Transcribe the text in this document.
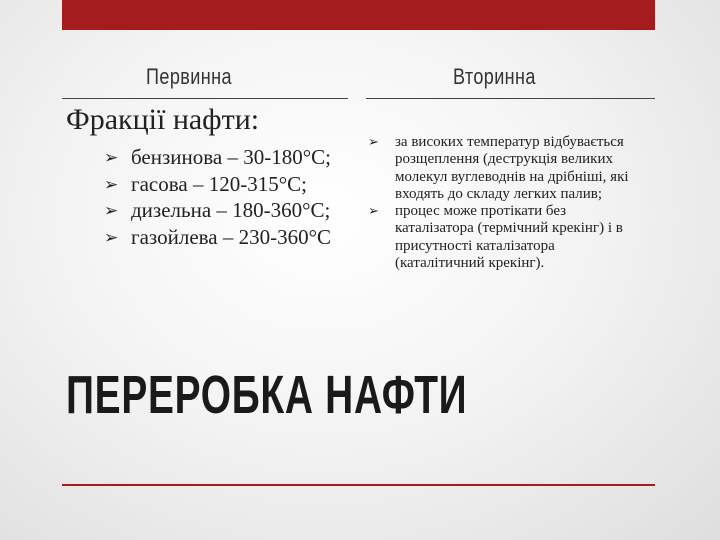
Первинна	Вторинна
Фракції нафти:
➢ бензинова – 30-180°С;
➢ гасова – 120-315°С;
➢ дизельна – 180-360°С;
➢ газойлева – 230-360°С
➢ за високих температур відбувається розщеплення (деструкція великих молекул вуглеводнів на дрібніші, які входять до складу легких палив;
➢ процес може протікати без каталізатора (термічний крекінг) і в присутності каталізатора (каталітичний крекінг).
ПЕРЕРОБКА НАФТИ
